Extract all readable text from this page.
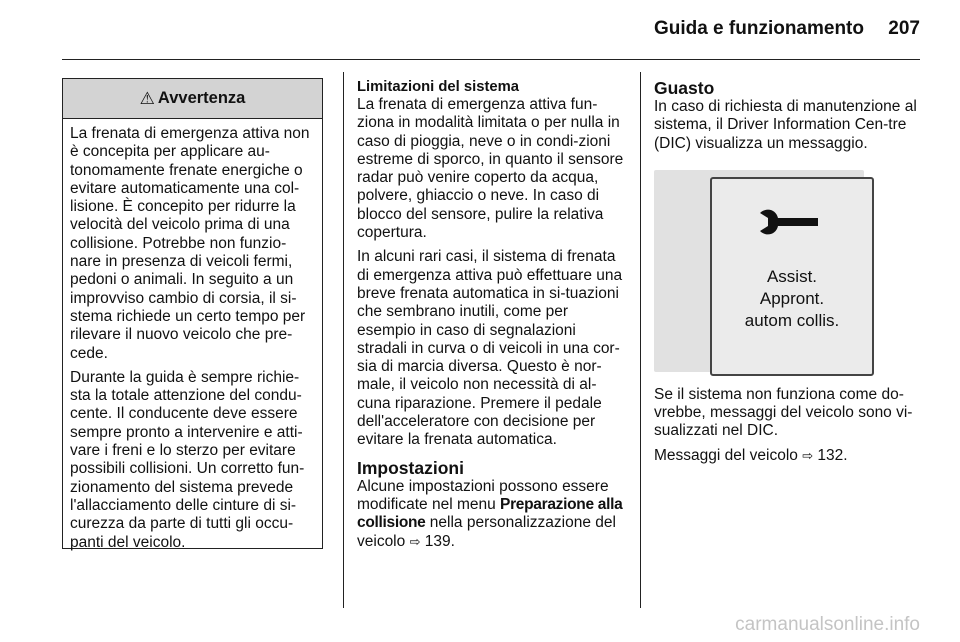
Guida e funzionamento	207
⚠ Avvertenza

La frenata di emergenza attiva non è concepita per applicare au-tonomamente frenate energiche o evitare automaticamente una col-lisione. È concepito per ridurre la velocità del veicolo prima di una collisione. Potrebbe non funzio-nare in presenza di veicoli fermi, pedoni o animali. In seguito a un improvviso cambio di corsia, il si-stema richiede un certo tempo per rilevare il nuovo veicolo che pre-cede.

Durante la guida è sempre richie-sta la totale attenzione del condu-cente. Il conducente deve essere sempre pronto a intervenire e atti-vare i freni e lo sterzo per evitare possibili collisioni. Un corretto fun-zionamento del sistema prevede l'allacciamento delle cinture di si-curezza da parte di tutti gli occu-panti del veicolo.

Limitazioni del sistema

La frenata di emergenza attiva fun-ziona in modalità limitata o per nulla in caso di pioggia, neve o in condi-zioni estreme di sporco, in quanto il sensore radar può venire coperto da acqua, polvere, ghiaccio o neve. In caso di blocco del sensore, pulire la relativa copertura.

In alcuni rari casi, il sistema di frenata di emergenza attiva può effettuare una breve frenata automatica in si-tuazioni che sembrano inutili, come per esempio in caso di segnalazioni stradali in curva o di veicoli in una cor-sia di marcia diversa. Questo è nor-male, il veicolo non necessità di al-cuna riparazione. Premere il pedale dell'acceleratore con decisione per evitare la frenata automatica.

Impostazioni

Alcune impostazioni possono essere modificate nel menu Preparazione alla collisione nella personalizzazione del veicolo ⇨ 139.

Guasto

In caso di richiesta di manutenzione al sistema, il Driver Information Cen-tre (DIC) visualizza un messaggio.

Assist.
Appront.
autom collis.

Se il sistema non funziona come do-vrebbe, messaggi del veicolo sono vi-sualizzati nel DIC.

Messaggi del veicolo ⇨ 132.

carmanualsonline.info
